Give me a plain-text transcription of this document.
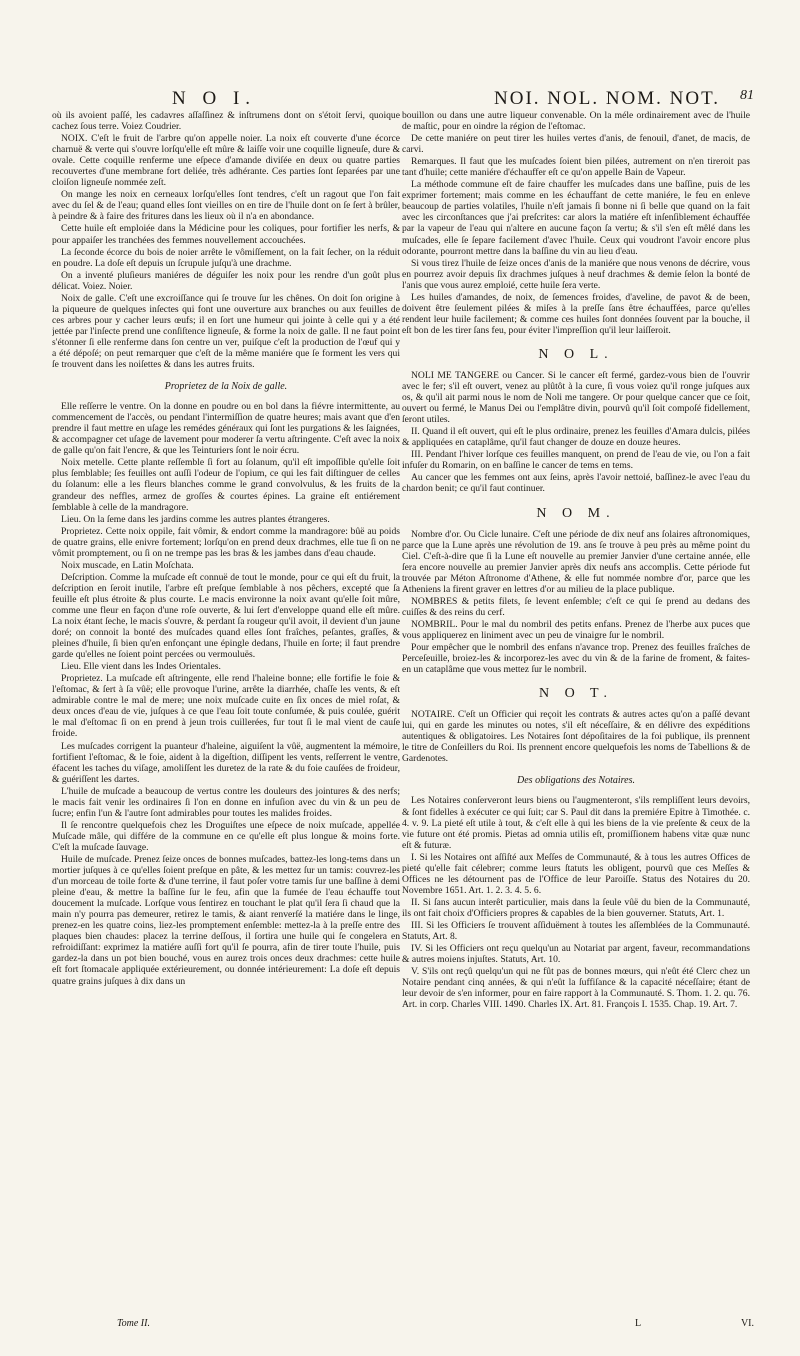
N O I.	NOI. NOL. NOM. NOT. 81

où ils avoient paſſé, les cadavres aſſaſſinez & inſtrumens dont on s'étoit ſervi, quoique cachez ſous terre. Voiez Coudrier.

NOIX. C'eſt le fruit de l'arbre qu'on appelle noier. La noix eſt couverte d'une écorce charnuë & verte qui s'ouvre lorſqu'elle eſt mûre & laiſſe voir une coquille ligneuſe, dure & ovale. Cette coquille renferme une eſpece d'amande diviſée en deux ou quatre parties recouvertes d'une membrane fort deliée, très adhérante. Ces parties ſont ſeparées par une cloiſon ligneuſe nommée zeſt.

On mange les noix en cerneaux lorſqu'elles ſont tendres, c'eſt un ragout que l'on fait avec du ſel & de l'eau; quand elles ſont vieilles on en tire de l'huile dont on ſe ſert à brûler, à peindre & à faire des fritures dans les lieux où il n'a en abondance.

Cette huile eſt emploiée dans la Médicine pour les coliques, pour fortifier les nerfs, & pour appaiſer les tranchées des femmes nouvellement accouchées.

La ſeconde écorce du bois de noier arrête le vômiſſement, on la fait ſecher, on la réduit en poudre. La doſe eſt depuis un ſcrupule juſqu'à une drachme.

On a inventé pluſieurs maniéres de déguiſer les noix pour les rendre d'un goût plus délicat. Voiez. Noier.

Noix de galle. C'eſt une excroiſſance qui ſe trouve ſur les chênes. On doit ſon origine à la piqueure de quelques inſectes qui font une ouverture aux branches ou aux feuilles de ces arbres pour y cacher leurs œufs; il en ſort une humeur qui jointe à celle qui y a été jettée par l'inſecte prend une conſiſtence ligneuſe, & forme la noix de galle. Il ne faut point s'étonner ſi elle renferme dans ſon centre un ver, puiſque c'eſt la production de l'œuf qui y a été dépoſé; on peut remarquer que c'eſt de la même maniére que ſe forment les vers qui ſe trouvent dans les noiſettes & dans les autres fruits.

Proprietez de la Noix de galle.

Elle reſſerre le ventre. On la donne en poudre ou en bol dans la fiévre intermittente, au commencement de l'accès, ou pendant l'intermiſſion de quatre heures; mais avant que d'en prendre il faut mettre en uſage les remédes généraux qui ſont les purgations & les ſaignées, & accompagner cet uſage de lavement pour moderer ſa vertu aſtringente. C'eſt avec la noix de galle qu'on fait l'encre, & que les Teinturiers ſont le noir écru.

Noix metelle. Cette plante reſſemble ſi fort au ſolanum, qu'il eſt impoſſible qu'elle ſoit plus ſemblable; ſes feuilles ont auſſi l'odeur de l'opium, ce qui les fait diſtinguer de celles du ſolanum: elle a les fleurs blanches comme le grand convolvulus, & les fruits de la grandeur des neffles, armez de groſſes & courtes épines. La graine eſt entiérement ſemblable à celle de la mandragore.

Lieu. On la ſeme dans les jardins comme les autres plantes étrangeres.

Proprietez. Cette noix oppile, fait vômir, & endort comme la mandragore: bûë au poids de quatre grains, elle enivre fortement; lorſqu'on en prend deux drachmes, elle tue ſi on ne vômit promptement, ou ſi on ne trempe pas les bras & les jambes dans d'eau chaude.

Noix muscade, en Latin Moſchata.

Deſcription. Comme la muſcade eſt connuë de tout le monde, pour ce qui eſt du fruit, la deſcription en ſeroit inutile, l'arbre eſt preſque ſemblable à nos pêchers, excepté que ſa feuille eſt plus étroite & plus courte. Le macis environne la noix avant qu'elle ſoit mûre, comme une fleur en façon d'une roſe ouverte, & lui ſert d'enveloppe quand elle eſt mûre. La noix étant ſeche, le macis s'ouvre, & perdant ſa rougeur qu'il avoit, il devient d'un jaune doré; on connoit la bonté des muſcades quand elles ſont fraîches, peſantes, graſſes, & pleines d'huile, ſi bien qu'en enfonçant une épingle dedans, l'huile en ſorte; il faut prendre garde qu'elles ne ſoient point percées ou vermouluës.

Lieu. Elle vient dans les Indes Orientales.

Proprietez. La muſcade eſt aſtringente, elle rend l'haleine bonne; elle fortifie le foie & l'eſtomac, & ſert à ſa vûë; elle provoque l'urine, arrête la diarrhée, chaſſe les vents, & eſt admirable contre le mal de mere; une noix muſcade cuite en ſix onces de miel roſat, & deux onces d'eau de vie, juſques à ce que l'eau ſoit toute conſumée, & puis coulée, guérit le mal d'eſtomac ſi on en prend à jeun trois cuillerées, fur tout ſi le mal vient de cauſe froide.

Les muſcades corrigent la puanteur d'haleine, aiguiſent la vûë, augmentent la mémoire, fortifient l'eſtomac, & le foie, aident à la digeſtion, diſſipent les vents, reſſerrent le ventre, éfacent les taches du viſage, amoliſſent les duretez de la rate & du foie cauſées de froideur, & guériſſent les dartes.

L'huile de muſcade a beaucoup de vertus contre les douleurs des jointures & des nerfs; le macis fait venir les ordinaires ſi l'on en donne en infuſion avec du vin & un peu de ſucre; enfin l'un & l'autre ſont admirables pour toutes les malides froides.

Il ſe rencontre quelquefois chez les Droguiſtes une eſpece de noix muſcade, appellée Muſcade mâle, qui différe de la commune en ce qu'elle eſt plus longue & moins forte. C'eſt la muſcade ſauvage.

Huile de muſcade. Prenez ſeize onces de bonnes muſcades, battez-les long-tems dans un mortier juſques à ce qu'elles ſoient preſque en pâte, & les mettez ſur un tamis: couvrez-les d'un morceau de toile forte & d'une terrine, il faut poſer votre tamis ſur une baſſine à demi pleine d'eau, & mettre la baſſine ſur le feu, afin que la fumée de l'eau échauffe tout doucement la muſcade. Lorſque vous ſentirez en touchant le plat qu'il ſera ſi chaud que la main n'y pourra pas demeurer, retirez le tamis, & aiant renverſé la matiére dans le linge, prenez-en les quatre coins, liez-les promptement enſemble: mettez-la à la preſſe entre des plaques bien chaudes: placez la terrine deſſous, il ſortira une huile qui ſe congelera en refroidiſſant: exprimez la matiére auſſi fort qu'il ſe pourra, afin de tirer toute l'huile, puis gardez-la dans un pot bien bouché, vous en aurez trois onces deux drachmes: cette huile eſt fort ſtomacale appliquée extérieurement, ou donnée intérieurement: La doſe eſt depuis quatre grains juſques à dix dans un

bouillon ou dans une autre liqueur convenable. On la méle ordinairement avec de l'huile de maſtic, pour en oindre la région de l'eſtomac.

De cette maniére on peut tirer les huiles vertes d'anis, de fenouil, d'anet, de macis, de carvi.

Remarques. Il faut que les muſcades ſoient bien pilées, autrement on n'en tireroit pas tant d'huile; cette maniére d'échauffer eſt ce qu'on appelle Bain de Vapeur.

La méthode commune eſt de faire chauffer les muſcades dans une baſſine, puis de les exprimer fortement; mais comme en les échauffant de cette maniére, le feu en enleve beaucoup de parties volatiles, l'huile n'eſt jamais ſi bonne ni ſi belle que quand on la fait avec les circonſtances que j'ai preſcrites: car alors la matiére eſt inſenſiblement échauffée par la vapeur de l'eau qui n'altere en aucune façon ſa vertu; & s'il s'en eſt mêlé dans les muſcades, elle ſe ſepare facilement d'avec l'huile. Ceux qui voudront l'avoir encore plus odorante, pourront mettre dans la baſſine du vin au lieu d'eau.

Si vous tirez l'huile de ſeize onces d'anis de la maniére que nous venons de décrire, vous en pourrez avoir depuis ſix drachmes juſques à neuf drachmes & demie ſelon la bonté de l'anis que vous aurez emploié, cette huile ſera verte.

Les huiles d'amandes, de noix, de ſemences froides, d'aveline, de pavot & de been, doivent être ſeulement pilées & miſes à la preſſe ſans être échauffées, parce qu'elles rendent leur huile facilement; & comme ces huiles ſont données ſouvent par la bouche, il eſt bon de les tirer ſans feu, pour éviter l'impreſſion qu'il leur laiſſeroit.

N O L.

NOLI ME TANGERE ou Cancer. Si le cancer eſt fermé, gardez-vous bien de l'ouvrir avec le fer; s'il eſt ouvert, venez au plûtôt à la cure, ſi vous voiez qu'il ronge juſques aux os, & qu'il ait parmi nous le nom de Noli me tangere. Or pour quelque cancer que ce ſoit, ouvert ou fermé, le Manus Dei ou l'emplâtre divin, pourvû qu'il ſoit compoſé fidellement, ſeront utiles.

II. Quand il eſt ouvert, qui eſt le plus ordinaire, prenez les feuilles d'Amara dulcis, pilées & appliquées en cataplâme, qu'il faut changer de douze en douze heures.

III. Pendant l'hiver lorſque ces feuilles manquent, on prend de l'eau de vie, ou l'on a fait infuſer du Romarin, on en baſſine le cancer de tems en tems.

Au cancer que les femmes ont aux ſeins, après l'avoir nettoié, baſſinez-le avec l'eau du chardon benit; ce qu'il faut continuer.

N O M.

Nombre d'or. Ou Cicle lunaire. C'eſt une période de dix neuf ans ſolaires aſtronomiques, parce que la Lune après une révolution de 19. ans ſe trouve à peu près au même point du Ciel. C'eſt-à-dire que ſi la Lune eſt nouvelle au premier Janvier d'une certaine année, elle ſera encore nouvelle au premier Janvier après dix neufs ans accomplis. Cette période fut trouvée par Méton Aſtronome d'Athene, & elle fut nommée nombre d'or, parce que les Atheniens la firent graver en lettres d'or au milieu de la place publique.

NOMBRES & petits filets, ſe levent enſemble; c'eſt ce qui ſe prend au dedans des cuiſſes & des reins du cerf.

NOMBRIL. Pour le mal du nombril des petits enfans. Prenez de l'herbe aux puces que vous appliquerez en liniment avec un peu de vinaigre ſur le nombril.

Pour empêcher que le nombril des enfans n'avance trop. Prenez des feuilles fraîches de Perceſeuille, broiez-les & incorporez-les avec du vin & de la farine de froment, & faites-en un cataplâme que vous mettez ſur le nombril.

N O T.

NOTAIRE. C'eſt un Officier qui reçoit les contrats & autres actes qu'on a paſſé devant lui, qui en garde les minutes ou notes, s'il eſt néceſſaire, & en délivre des expéditions autentiques & obligatoires. Les Notaires ſont dépoſitaires de la foi publique, ils prennent le titre de Conſeillers du Roi. Ils prennent encore quelquefois les noms de Tabellions & de Gardenotes.

Des obligations des Notaires.

Les Notaires conſerveront leurs biens ou l'augmenteront, s'ils rempliſſent leurs devoirs, & ſont fidelles à exécuter ce qui ſuit; car S. Paul dit dans la premiére Epitre à Timothée. c. 4. v. 9. La pieté eſt utile à tout, & c'eſt elle à qui les biens de la vie preſente & ceux de la vie future ont été promis. Pietas ad omnia utilis eſt, promiſſionem habens vitæ quæ nunc eſt & futuræ.

I. Si les Notaires ont aſſiſté aux Meſſes de Communauté, & à tous les autres Offices de pieté qu'elle fait célebrer; comme leurs ſtatuts les obligent, pourvû que ces Meſſes & Offices ne les détournent pas de l'Office de leur Paroiſſe. Status des Notaires du 20. Novembre 1651. Art. 1. 2. 3. 4. 5. 6.

II. Si ſans aucun interêt particulier, mais dans la ſeule vûë du bien de la Communauté, ils ont fait choix d'Officiers propres & capables de la bien gouverner. Statuts, Art. 1.

III. Si les Officiers ſe trouvent aſſiduëment à toutes les aſſemblées de la Communauté. Statuts, Art. 8.

IV. Si les Officiers ont reçu quelqu'un au Notariat par argent, faveur, recommandations & autres moiens injuſtes. Statuts, Art. 10.

V. S'ils ont reçû quelqu'un qui ne fût pas de bonnes mœurs, qui n'eût été Clerc chez un Notaire pendant cinq années, & qui n'eût la ſuffiſance & la capacité néceſſaire; étant de leur devoir de s'en informer, pour en faire rapport à la Communauté. S. Thom. 1. 2. qu. 76. Art. in corp. Charles VIII. 1490. Charles IX. Art. 81. François I. 1535. Chap. 19. Art. 7.

Tome II.	L	VI.
